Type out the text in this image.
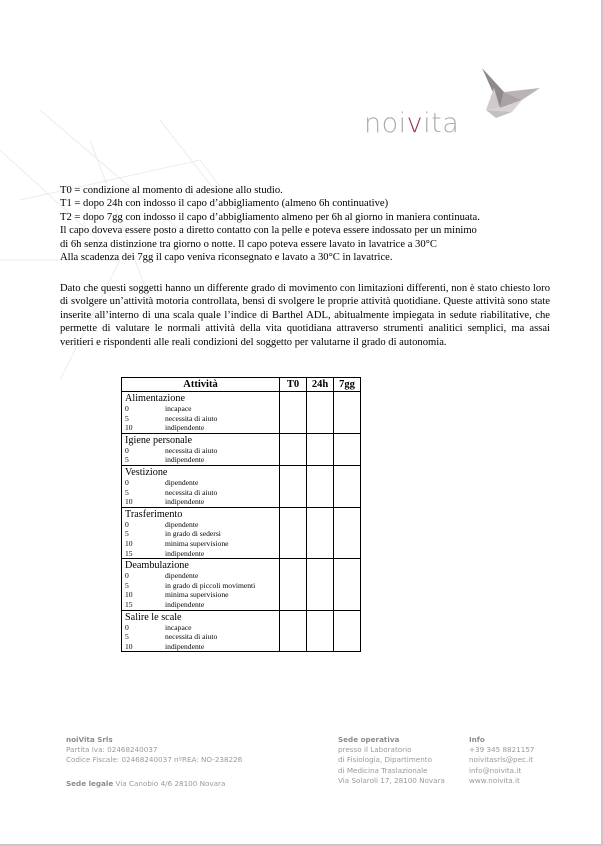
noivita
T0 = condizione al momento di adesione allo studio.
T1 = dopo 24h con indosso il capo d’abbigliamento (almeno 6h continuative)
T2 = dopo 7gg con indosso il capo d’abbigliamento almeno per 6h al giorno in maniera continuata.
Il capo doveva essere posto a diretto contatto con la pelle e poteva essere indossato per un minimo
di 6h senza distinzione tra giorno o notte. Il capo poteva essere lavato in lavatrice a 30°C
Alla scadenza dei 7gg il capo veniva riconsegnato e lavato a 30°C in lavatrice.

Dato che questi soggetti hanno un differente grado di movimento con limitazioni differenti, non è stato chiesto loro di svolgere un’attività motoria controllata, bensì di svolgere le proprie attività quotidiane. Queste attività sono state inserite all’interno di una scala quale l’indice di Barthel ADL, abitualmente impiegata in sedute riabilitative, che permette di valutare le normali attività della vita quotidiana attraverso strumenti analitici semplici, ma assai veritieri e rispondenti alle reali condizioni del soggetto per valutarne il grado di autonomia.

Attività	T0	24h	7gg

Alimentazione
0 incapace
5 necessita di aiuto
10 indipendente			

Igiene personale
0 necessita di aiuto
5 indipendente			

Vestizione
0 dipendente
5 necessita di aiuto
10 indipendente			

Trasferimento
0 dipendente
5 in grado di sedersi
10 minima supervisione
15 indipendente			

Deambulazione
0 dipendente
5 in grado di piccoli movimenti
10 minima supervisione
15 indipendente			

Salire le scale
0 incapace
5 necessita di aiuto
10 indipendente			

noiVita Srls
Partita Iva: 02468240037
Codice Fiscale: 02468240037 nºREA: NO-238226
Sede legale Via Canobio 4/6 28100 Novara
Sede operativa
presso il Laboratorio
di Fisiologia, Dipartimento
di Medicina Traslazionale
Via Solaroli 17, 28100 Novara
Info
+39 345 8821157
noivitasrls@pec.it
info@noivita.it
www.noivita.it
